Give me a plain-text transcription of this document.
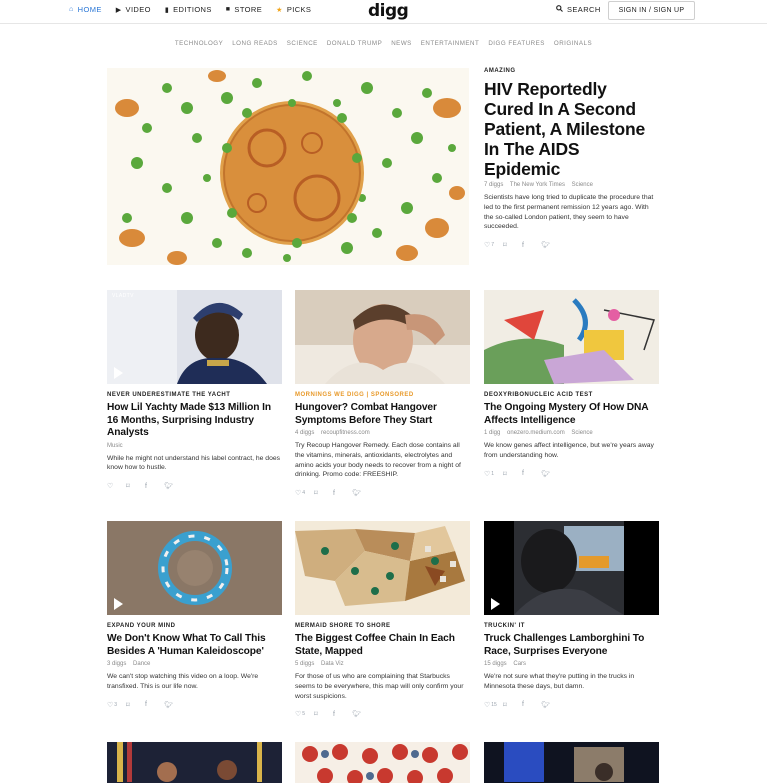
⌂ HOME ▶ VIDEO ▮ EDITIONS ■ STORE ★ PICKS	digg	SEARCH	SIGN IN / SIGN UP
TECHNOLOGY LONG READS SCIENCE DONALD TRUMP NEWS ENTERTAINMENT DIGG FEATURES ORIGINALS
AMAZING
HIV Reportedly Cured In A Second Patient, A Milestone In The AIDS Epidemic
7 diggs The New York Times Science
Scientists have long tried to duplicate the procedure that led to the first permanent remission 12 years ago. With the so-called London patient, they seem to have succeeded.
♡ 7 ⌑	f	🐦︎
VLADTV
NEVER UNDERESTIMATE THE YACHT
How Lil Yachty Made $13 Million In 16 Months, Surprising Industry Analysts
Music
While he might not understand his label contract, he does know how to hustle.
♡	⌑	f	🐦︎
MORNINGS WE DIGG | SPONSORED
Hungover? Combat Hangover Symptoms Before They Start
4 diggs recoupfitness.com
Try Recoup Hangover Remedy. Each dose contains all the vitamins, minerals, antioxidants, electrolytes and amino acids your body needs to recover from a night of drinking. Promo code: FREESHIP.
♡ 4 ⌑	f	🐦︎
DEOXYRIBONUCLEIC ACID TEST
The Ongoing Mystery Of How DNA Affects Intelligence
1 digg onezero.medium.com Science
We know genes affect intelligence, but we're years away from understanding how.
♡ 1 ⌑	f	🐦︎
EXPAND YOUR MIND
We Don't Know What To Call This Besides A 'Human Kaleidoscope'
3 diggs Dance
We can't stop watching this video on a loop. We're transfixed. This is our life now.
♡ 3 ⌑	f	🐦︎
MERMAID SHORE TO SHORE
The Biggest Coffee Chain In Each State, Mapped
5 diggs Data Viz
For those of us who are complaining that Starbucks seems to be everywhere, this map will only confirm your worst suspicions.
♡ 5 ⌑	f	🐦︎
TRUCKIN' IT
Truck Challenges Lamborghini To Race, Surprises Everyone
15 diggs Cars
We're not sure what they're putting in the trucks in Minnesota these days, but damn.
♡ 15 ⌑	f	🐦︎
